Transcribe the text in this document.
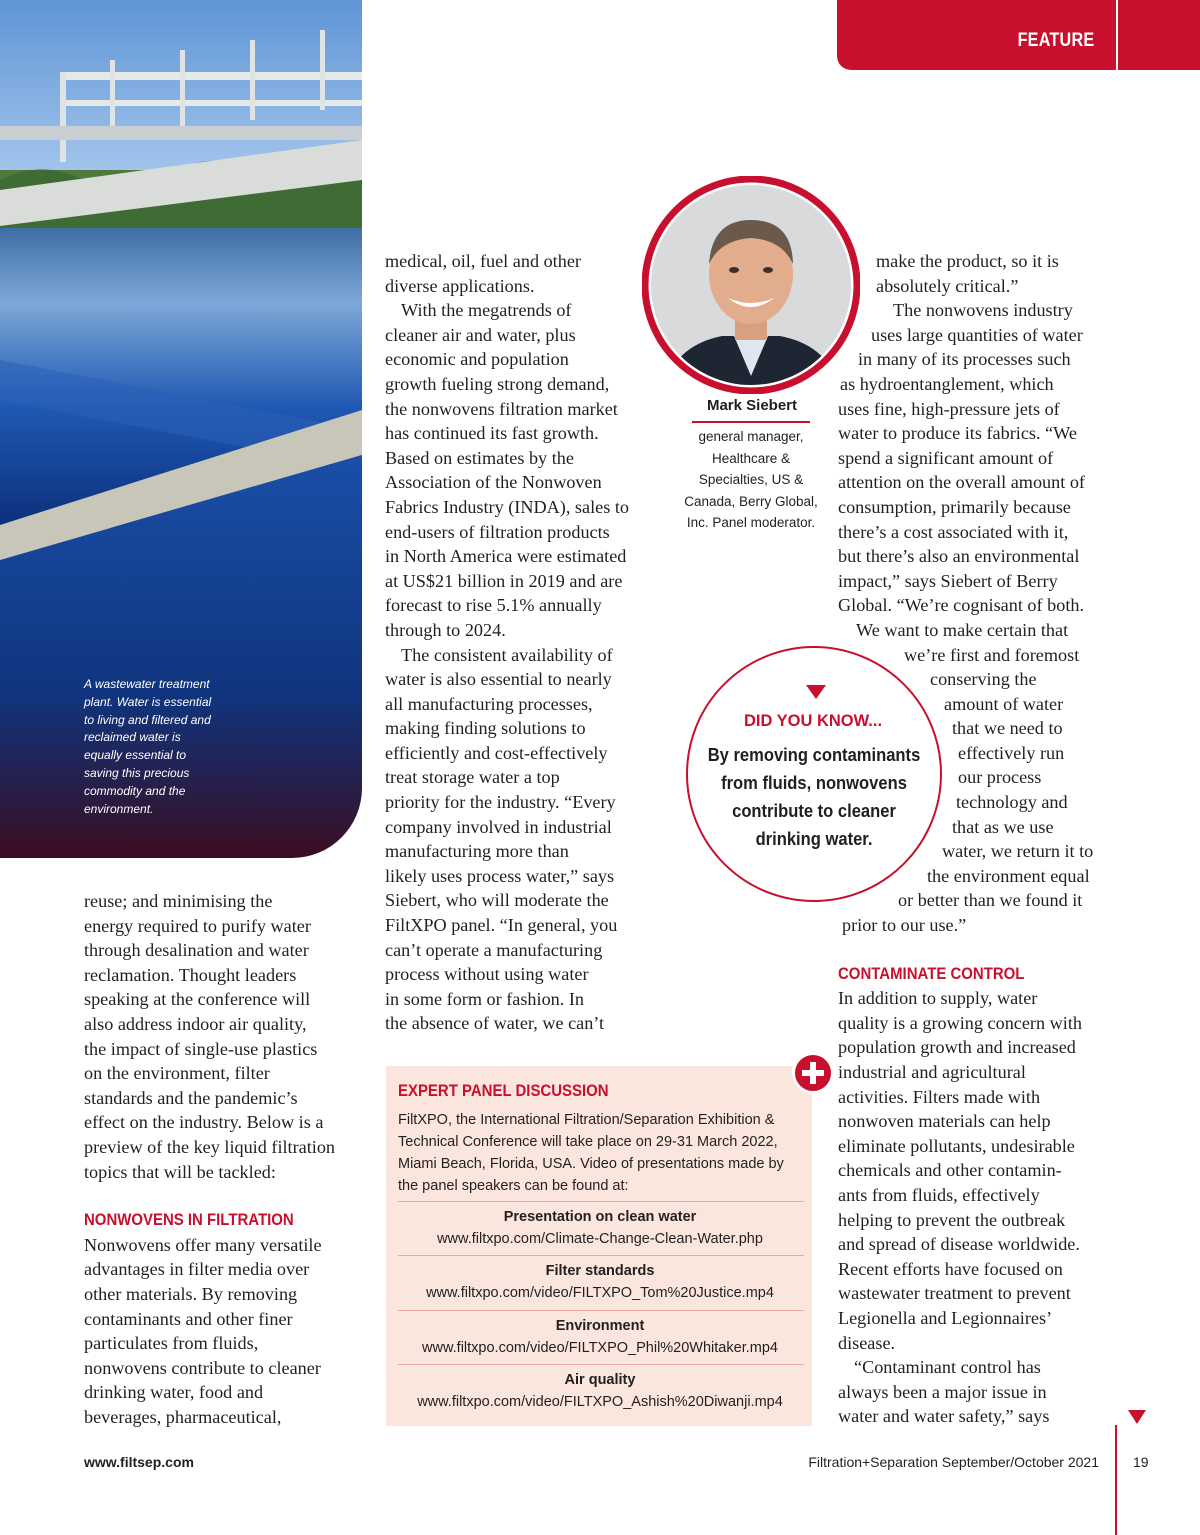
A wastewater treatment plant. Water is essential to living and filtered and reclaimed water is equally essential to saving this precious commodity and the environment.
FEATURE

medical, oil, fuel and other

diverse applications.

With the megatrends of

cleaner air and water, plus

economic and population

growth fueling strong demand,

the nonwovens filtration market

has continued its fast growth.

Based on estimates by the

Association of the Nonwoven

Fabrics Industry (INDA), sales to

end-users of filtration products

in North America were estimated

at US$21 billion in 2019 and are

forecast to rise 5.1% annually

through to 2024.

The consistent availability of

water is also essential to nearly

all manufacturing processes,

making finding solutions to

efficiently and cost-effectively

treat storage water a top

priority for the industry. “Every

company involved in industrial

manufacturing more than

likely uses process water,” says

Siebert, who will moderate the

FiltXPO panel. “In general, you

can’t operate a manufacturing

process without using water

in some form or fashion. In

the absence of water, we can’t

reuse; and minimising the

energy required to purify water

through desalination and water

reclamation. Thought leaders

speaking at the conference will

also address indoor air quality,

the impact of single-use plastics

on the environment, filter

standards and the pandemic’s

effect on the industry. Below is a

preview of the key liquid filtration

topics that will be tackled:

NONWOVENS IN FILTRATION

Nonwovens offer many versatile

advantages in filter media over

other materials. By removing

contaminants and other finer

particulates from fluids,

nonwovens contribute to cleaner

drinking water, food and

beverages, pharmaceutical,

Mark Siebert
general manager, Healthcare & Specialties, US & Canada, Berry Global, Inc. Panel moderator.

make the product, so it is

absolutely critical.”

The nonwovens industry

uses large quantities of water

in many of its processes such

as hydroentanglement, which

uses fine, high-pressure jets of

water to produce its fabrics. “We

spend a significant amount of

attention on the overall amount of

consumption, primarily because

there’s a cost associated with it,

but there’s also an environmental

impact,” says Siebert of Berry

Global. “We’re cognisant of both.

We want to make certain that

we’re first and foremost

conserving the

amount of water

that we need to

effectively run

our process

technology and

that as we use

water, we return it to

the environment equal

or better than we found it

prior to our use.”

CONTAMINATE CONTROL

In addition to supply, water

quality is a growing concern with

population growth and increased

industrial and agricultural

activities. Filters made with

nonwoven materials can help

eliminate pollutants, undesirable

chemicals and other contamin-

ants from fluids, effectively

helping to prevent the outbreak

and spread of disease worldwide.

Recent efforts have focused on

wastewater treatment to prevent

Legionella and Legionnaires’

disease.

“Contaminant control has

always been a major issue in

water and water safety,” says

DID YOU KNOW...
By removing contaminants from fluids, nonwovens contribute to cleaner drinking water.
EXPERT PANEL DISCUSSION
FiltXPO, the International Filtration/Separation Exhibition & Technical Conference will take place on 29-31 March 2022, Miami Beach, Florida, USA. Video of presentations made by the panel speakers can be found at:
Presentation on clean water
www.filtxpo.com/Climate-Change-Clean-Water.php
Filter standards
www.filtxpo.com/video/FILTXPO_Tom%20Justice.mp4
Environment
www.filtxpo.com/video/FILTXPO_Phil%20Whitaker.mp4
Air quality
www.filtxpo.com/video/FILTXPO_Ashish%20Diwanji.mp4
www.filtsep.com	Filtration+Separation September/October 2021 19
